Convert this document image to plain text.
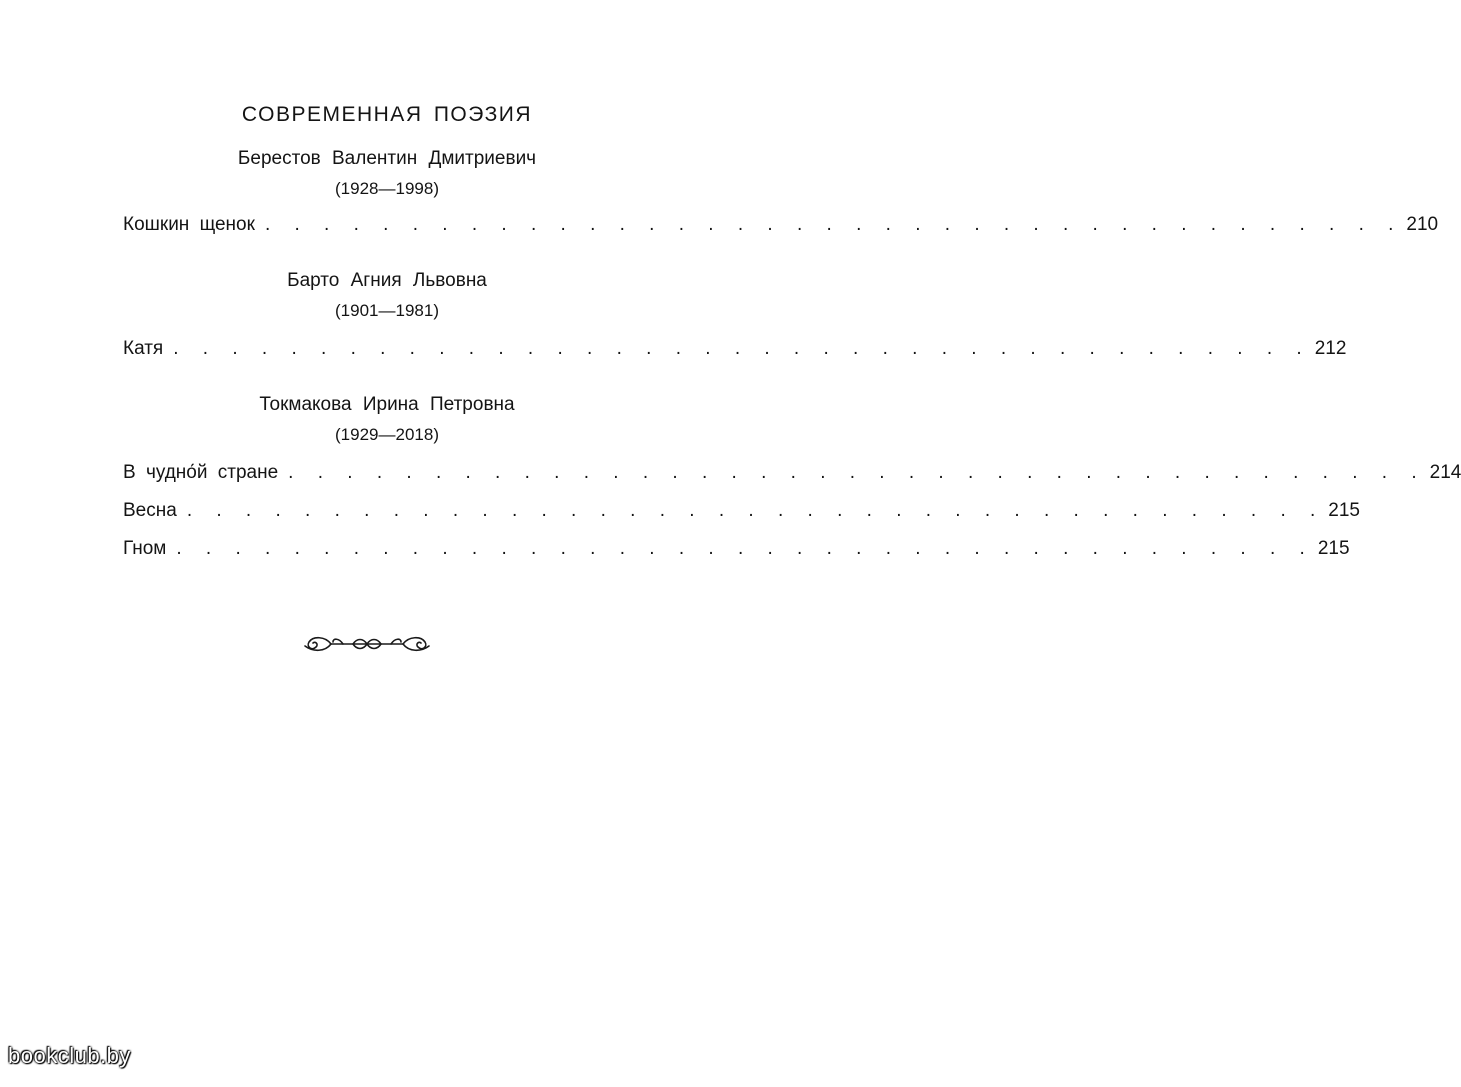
СОВРЕМЕННАЯ ПОЭЗИЯ
Берестов Валентин Дмитриевич
(1928—1998)
Кошкин щенок . . . . . . . . . . . . . . . . . . . . . . . . . . . . . . . . . . . . . . . 210
Барто Агния Львовна
(1901—1981)
Катя . . . . . . . . . . . . . . . . . . . . . . . . . . . . . . . . . . . . . . . 212
Токмакова Ирина Петровна
(1929—2018)
В чудно́й стране . . . . . . . . . . . . . . . . . . . . . . . . . . . . . . . . . . . . . . . 214
Весна . . . . . . . . . . . . . . . . . . . . . . . . . . . . . . . . . . . . . . . 215
Гном . . . . . . . . . . . . . . . . . . . . . . . . . . . . . . . . . . . . . . . 215
bookclub.by
